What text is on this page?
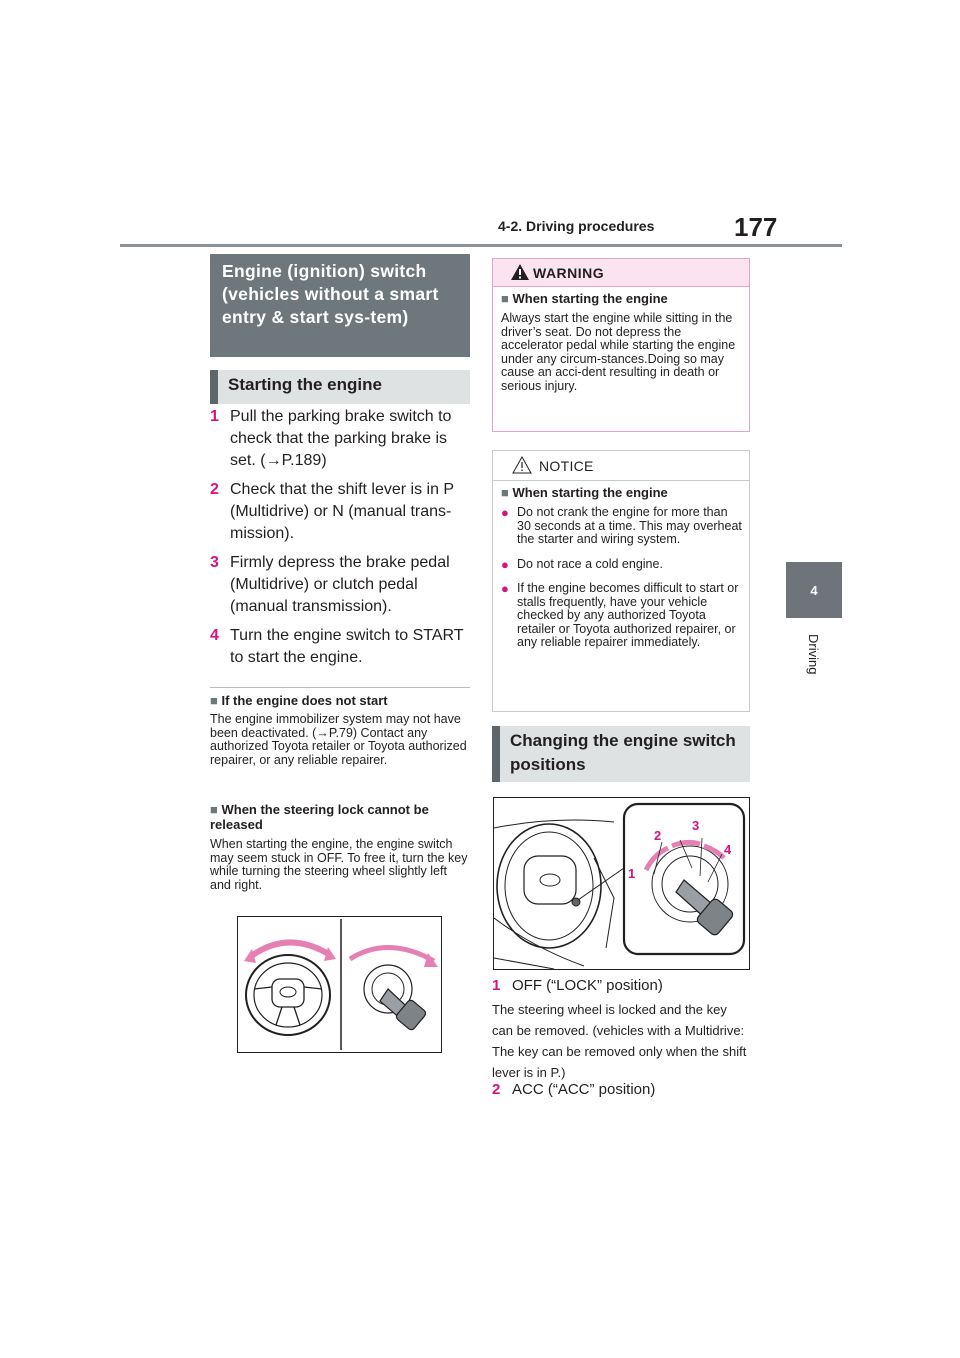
4-2. Driving procedures	177
4
Driving
Engine (ignition) switch (vehicles without a smart entry & start sys-tem)
Starting the engine
1 Pull the parking brake switch to check that the parking brake is set. (→P.189)
2 Check that the shift lever is in P (Multidrive) or N (manual trans-mission).
3 Firmly depress the brake pedal (Multidrive) or clutch pedal (manual transmission).
4 Turn the engine switch to START to start the engine.
■ If the engine does not start
The engine immobilizer system may not have been deactivated. (→P.79) Contact any authorized Toyota retailer or Toyota authorized repairer, or any reliable repairer.
■ When the steering lock cannot be released
When starting the engine, the engine switch may seem stuck in OFF. To free it, turn the key while turning the steering wheel slightly left and right.
WARNING
■ When starting the engine
Always start the engine while sitting in the driver’s seat. Do not depress the accelerator pedal while starting the engine under any circum-stances.Doing so may cause an acci-dent resulting in death or serious injury.
NOTICE
■ When starting the engine
● Do not crank the engine for more than 30 seconds at a time. This may overheat the starter and wiring system.
● Do not race a cold engine.
● If the engine becomes difficult to start or stalls frequently, have your vehicle checked by any authorized Toyota retailer or Toyota authorized repairer, or any reliable repairer immediately.
Changing the engine switch positions
1
2
3
4
1 OFF (“LOCK” position)
The steering wheel is locked and the key can be removed. (vehicles with a Multidrive: The key can be removed only when the shift lever is in P.)
2 ACC (“ACC” position)
